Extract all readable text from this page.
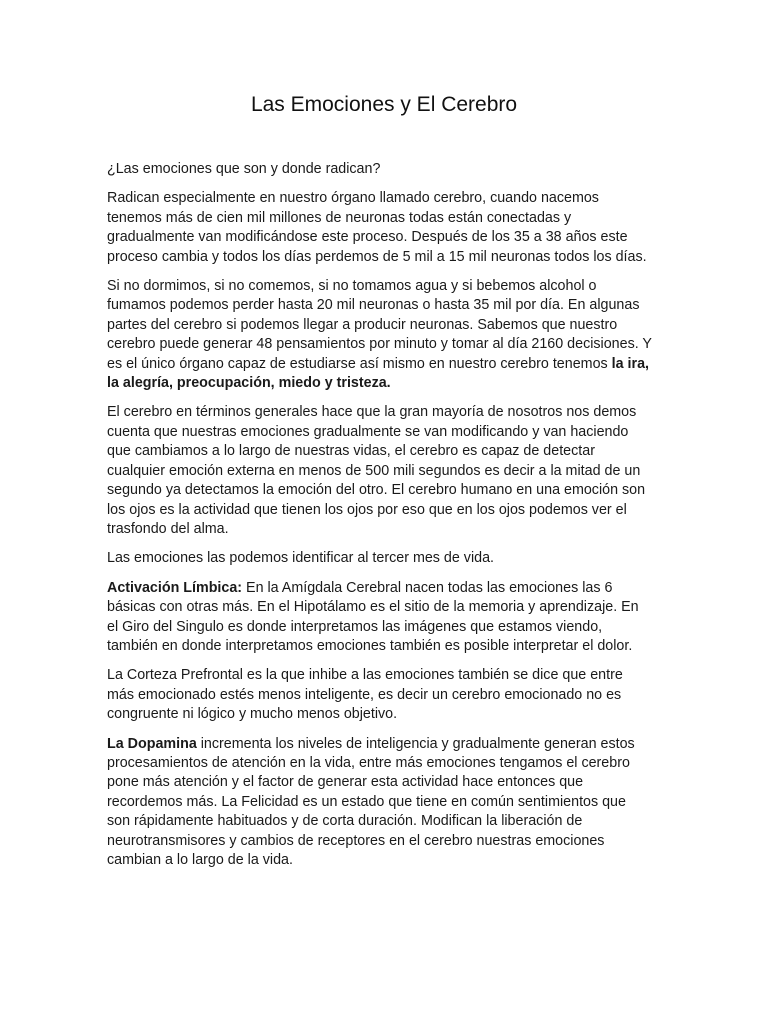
Las Emociones y El Cerebro

¿Las emociones que son y donde radican?

Radican especialmente en nuestro órgano llamado cerebro, cuando nacemos tenemos más de cien mil millones de neuronas todas están conectadas y gradualmente van modificándose este proceso. Después de los 35 a 38 años este proceso cambia y todos los días perdemos de 5 mil a 15 mil neuronas todos los días.

Si no dormimos, si no comemos, si no tomamos agua y si bebemos alcohol o fumamos podemos perder hasta 20 mil neuronas o hasta 35 mil por día. En algunas partes del cerebro si podemos llegar a producir neuronas. Sabemos que nuestro cerebro puede generar 48 pensamientos por minuto y tomar al día 2160 decisiones. Y es el único órgano capaz de estudiarse así mismo en nuestro cerebro tenemos la ira, la alegría, preocupación, miedo y tristeza.

El cerebro en términos generales hace que la gran mayoría de nosotros nos demos cuenta que nuestras emociones gradualmente se van modificando y van haciendo que cambiamos a lo largo de nuestras vidas, el cerebro es capaz de detectar cualquier emoción externa en menos de 500 mili segundos es decir a la mitad de un segundo ya detectamos la emoción del otro. El cerebro humano en una emoción son los ojos es la actividad que tienen los ojos por eso que en los ojos podemos ver el trasfondo del alma.

Las emociones las podemos identificar al tercer mes de vida.

Activación Límbica: En la Amígdala Cerebral nacen todas las emociones las 6 básicas con otras más. En el Hipotálamo es el sitio de la memoria y aprendizaje. En el Giro del Singulo es donde interpretamos las imágenes que estamos viendo, también en donde interpretamos emociones también es posible interpretar el dolor.

La Corteza Prefrontal es la que inhibe a las emociones también se dice que entre más emocionado estés menos inteligente, es decir un cerebro emocionado no es congruente ni lógico y mucho menos objetivo.

La Dopamina incrementa los niveles de inteligencia y gradualmente generan estos procesamientos de atención en la vida, entre más emociones tengamos el cerebro pone más atención y el factor de generar esta actividad hace entonces que recordemos más. La Felicidad es un estado que tiene en común sentimientos que son rápidamente habituados y de corta duración. Modifican la liberación de neurotransmisores y cambios de receptores en el cerebro nuestras emociones cambian a lo largo de la vida.
